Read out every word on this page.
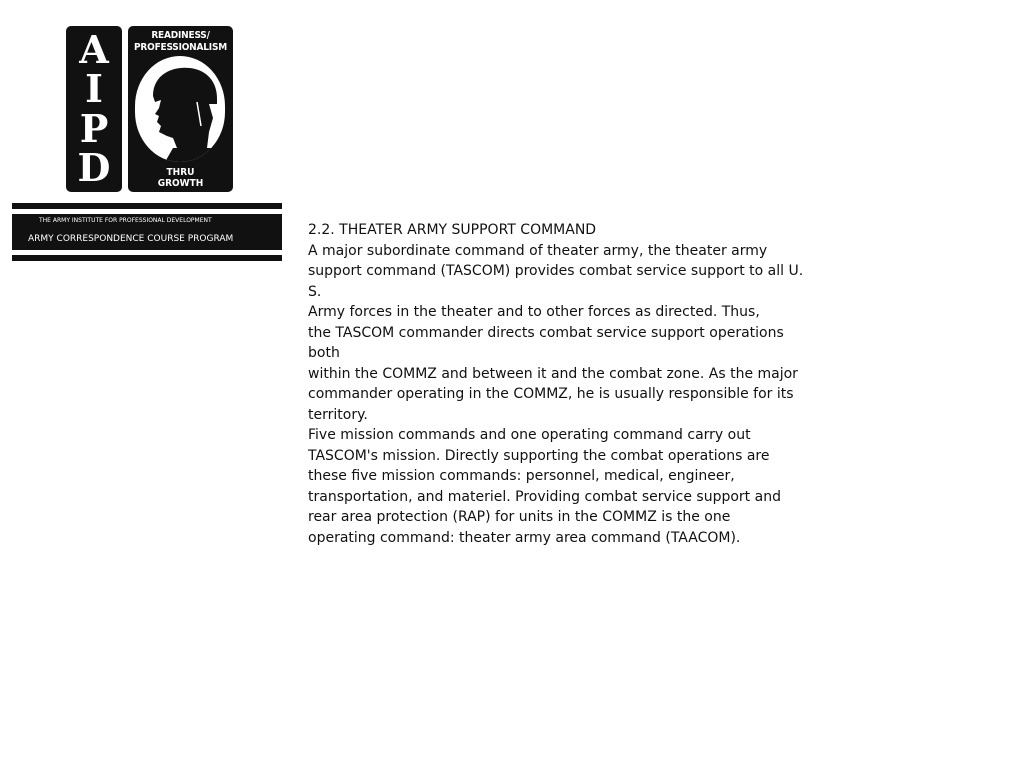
A
I
P
D
READINESS/
PROFESSIONALISM
THRU
GROWTH
THE ARMY INSTITUTE FOR PROFESSIONAL DEVELOPMENT
ARMY CORRESPONDENCE COURSE PROGRAM
2.2. THEATER ARMY SUPPORT COMMAND
A major subordinate command of theater army, the theater army
support command (TASCOM) provides combat service support to all U.
S.
Army forces in the theater and to other forces as directed. Thus,
the TASCOM commander directs combat service support operations
both
within the COMMZ and between it and the combat zone. As the major
commander operating in the COMMZ, he is usually responsible for its
territory.
Five mission commands and one operating command carry out
TASCOM's mission. Directly supporting the combat operations are
these five mission commands: personnel, medical, engineer,
transportation, and materiel. Providing combat service support and
rear area protection (RAP) for units in the COMMZ is the one
operating command: theater army area command (TAACOM).
